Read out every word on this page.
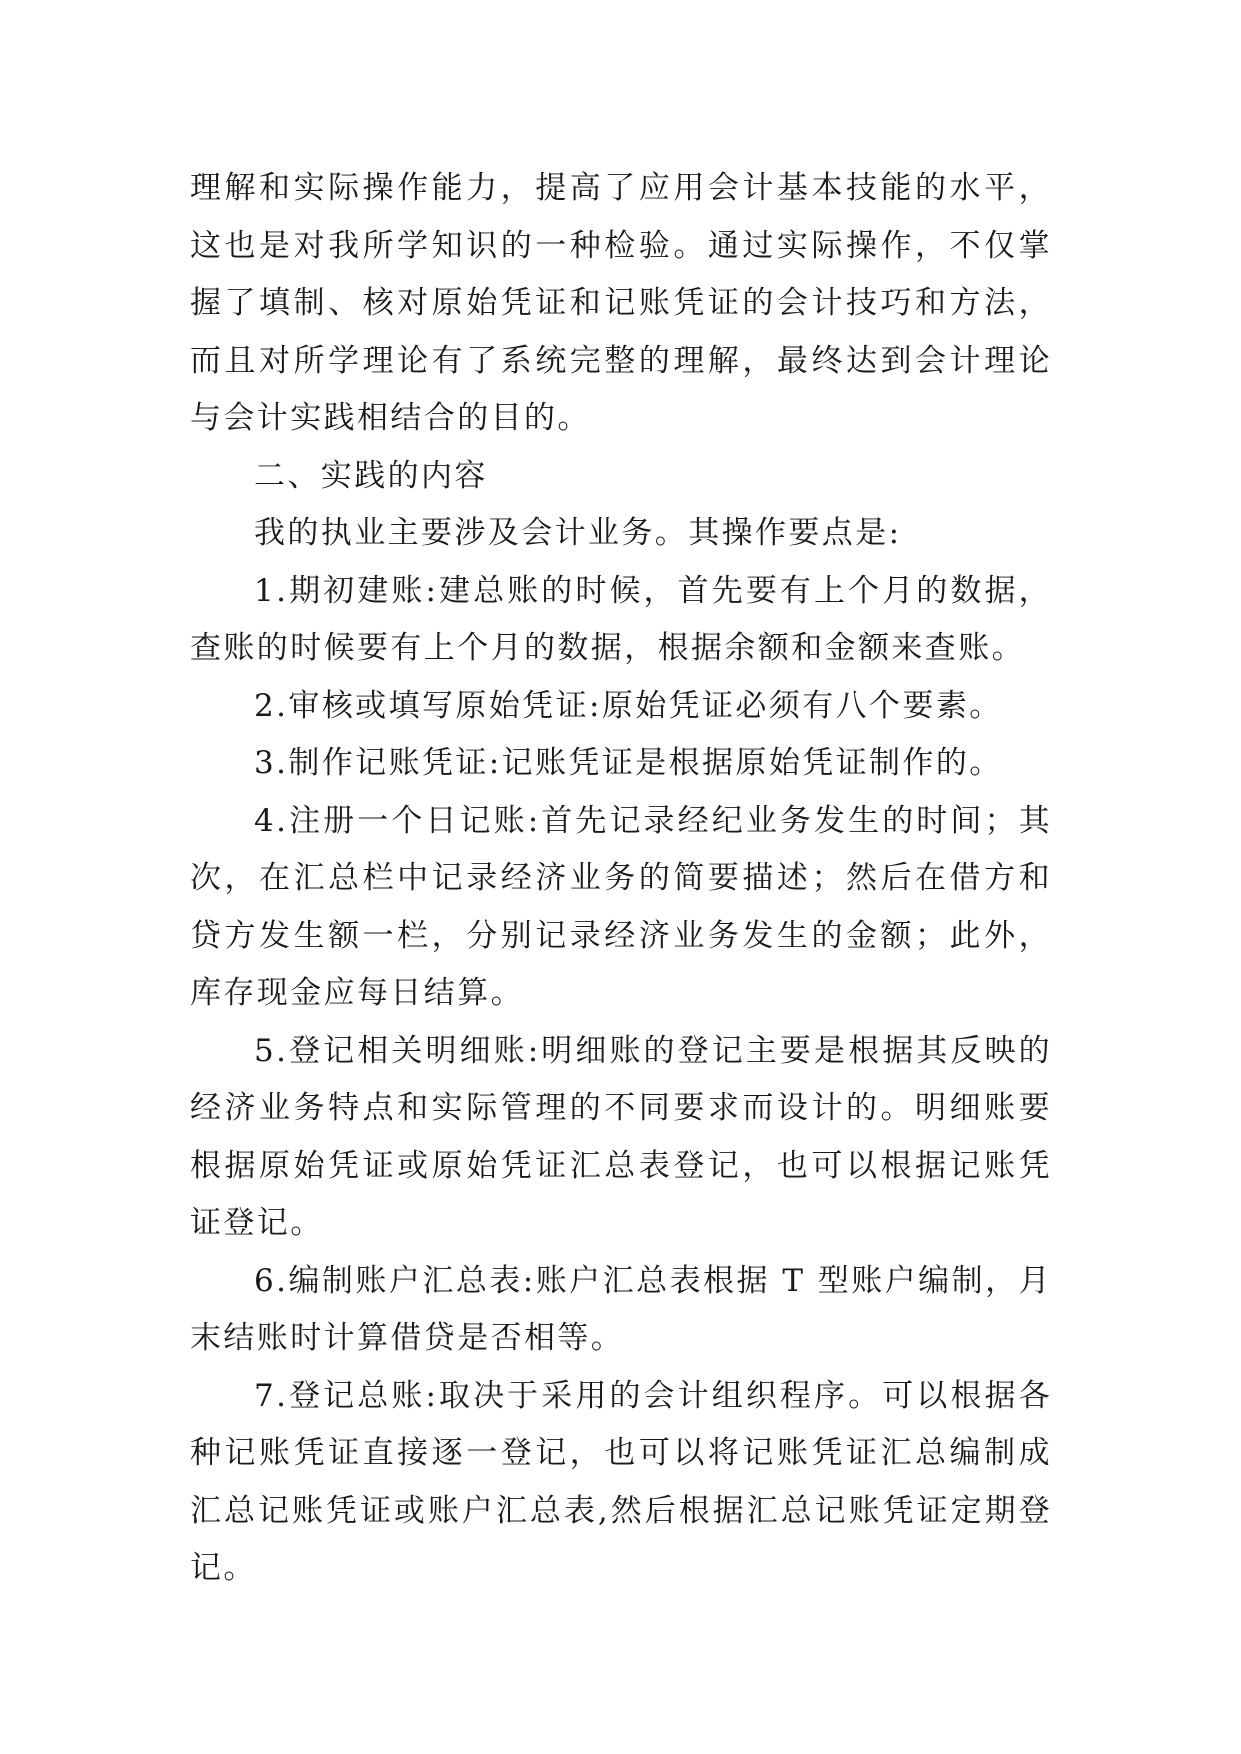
理解和实际操作能力，提高了应用会计基本技能的水平，这也是对我所学知识的一种检验。通过实际操作，不仅掌握了填制、核对原始凭证和记账凭证的会计技巧和方法，而且对所学理论有了系统完整的理解，最终达到会计理论与会计实践相结合的目的。

二、实践的内容

我的执业主要涉及会计业务。其操作要点是:

1.期初建账:建总账的时候，首先要有上个月的数据，查账的时候要有上个月的数据，根据余额和金额来查账。

2.审核或填写原始凭证:原始凭证必须有八个要素。

3.制作记账凭证:记账凭证是根据原始凭证制作的。

4.注册一个日记账:首先记录经纪业务发生的时间；其次，在汇总栏中记录经济业务的简要描述；然后在借方和贷方发生额一栏，分别记录经济业务发生的金额；此外，库存现金应每日结算。

5.登记相关明细账:明细账的登记主要是根据其反映的经济业务特点和实际管理的不同要求而设计的。明细账要根据原始凭证或原始凭证汇总表登记，也可以根据记账凭证登记。

6.编制账户汇总表:账户汇总表根据 T 型账户编制，月末结账时计算借贷是否相等。

7.登记总账:取决于采用的会计组织程序。可以根据各种记账凭证直接逐一登记，也可以将记账凭证汇总编制成汇总记账凭证或账户汇总表,然后根据汇总记账凭证定期登记。
